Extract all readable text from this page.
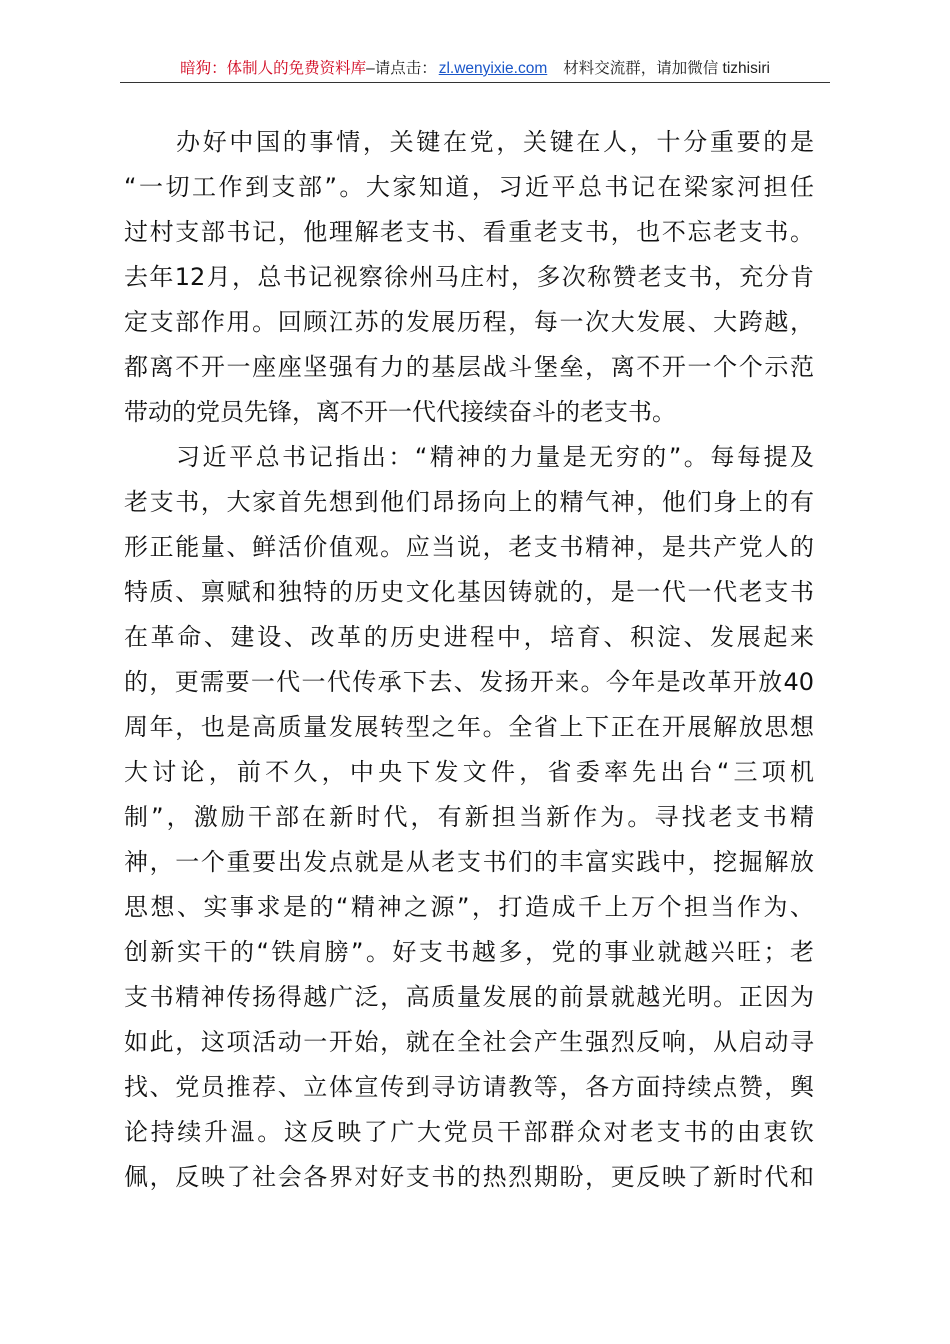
暗狗：体制人的免费资料库–请点击： zl.wenyixie.com 材料交流群，请加微信 tizhisiri
办好中国的事情，关键在党，关键在人，十分重要的是
“一切工作到支部”。大家知道，习近平总书记在梁家河担任
过村支部书记，他理解老支书、看重老支书，也不忘老支书。
去年12月，总书记视察徐州马庄村，多次称赞老支书，充分肯
定支部作用。回顾江苏的发展历程，每一次大发展、大跨越，
都离不开一座座坚强有力的基层战斗堡垒，离不开一个个示范
带动的党员先锋，离不开一代代接续奋斗的老支书。
习近平总书记指出：“精神的力量是无穷的”。每每提及
老支书，大家首先想到他们昂扬向上的精气神，他们身上的有
形正能量、鲜活价值观。应当说，老支书精神，是共产党人的
特质、禀赋和独特的历史文化基因铸就的，是一代一代老支书
在革命、建设、改革的历史进程中，培育、积淀、发展起来
的，更需要一代一代传承下去、发扬开来。今年是改革开放40
周年，也是高质量发展转型之年。全省上下正在开展解放思想
大讨论，前不久，中央下发文件，省委率先出台“三项机
制”，激励干部在新时代，有新担当新作为。寻找老支书精
神，一个重要出发点就是从老支书们的丰富实践中，挖掘解放
思想、实事求是的“精神之源”，打造成千上万个担当作为、
创新实干的“铁肩膀”。好支书越多，党的事业就越兴旺；老
支书精神传扬得越广泛，高质量发展的前景就越光明。正因为
如此，这项活动一开始，就在全社会产生强烈反响，从启动寻
找、党员推荐、立体宣传到寻访请教等，各方面持续点赞，舆
论持续升温。这反映了广大党员干部群众对老支书的由衷钦
佩，反映了社会各界对好支书的热烈期盼，更反映了新时代和
